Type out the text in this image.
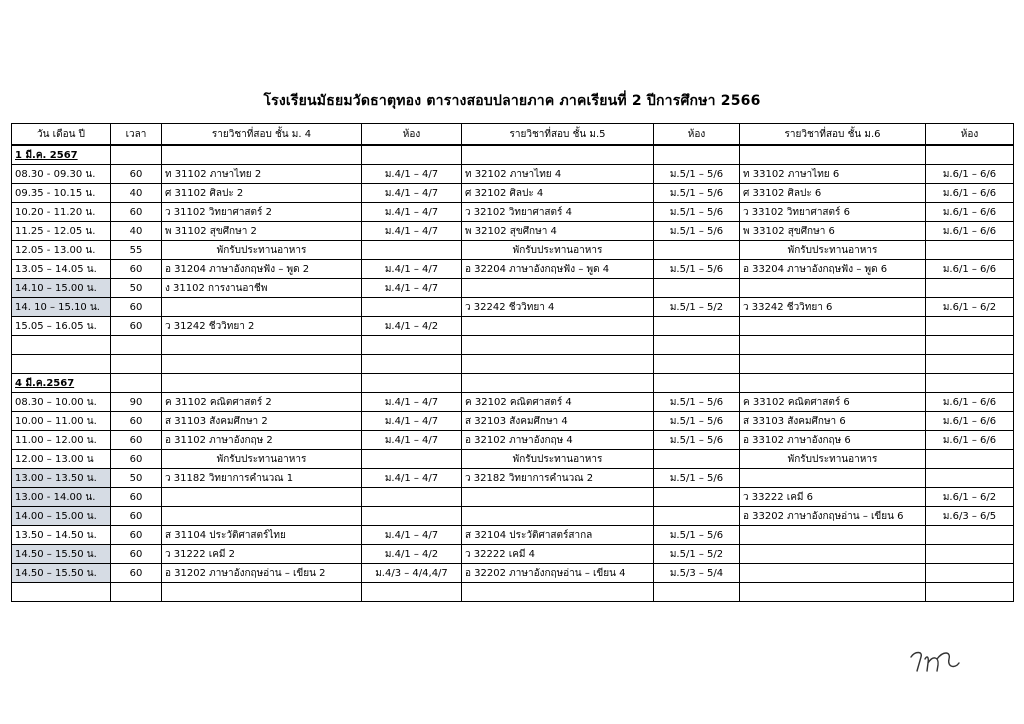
โรงเรียนมัธยมวัดธาตุทอง ตารางสอบปลายภาค ภาคเรียนที่ 2 ปีการศึกษา 2566
วัน เดือน ปี	เวลา	รายวิชาที่สอบ ชั้น ม. 4	ห้อง	รายวิชาที่สอบ ชั้น ม.5	ห้อง	รายวิชาที่สอบ ชั้น ม.6	ห้อง
1 มี.ค. 2567							
08.30 - 09.30 น.	60	ท 31102 ภาษาไทย 2	ม.4/1 – 4/7	ท 32102 ภาษาไทย 4	ม.5/1 – 5/6	ท 33102 ภาษาไทย 6	ม.6/1 – 6/6
09.35 - 10.15 น.	40	ศ 31102 ศิลปะ 2	ม.4/1 – 4/7	ศ 32102 ศิลปะ 4	ม.5/1 – 5/6	ศ 33102 ศิลปะ 6	ม.6/1 – 6/6
10.20 - 11.20 น.	60	ว 31102 วิทยาศาสตร์ 2	ม.4/1 – 4/7	ว 32102 วิทยาศาสตร์ 4	ม.5/1 – 5/6	ว 33102 วิทยาศาสตร์ 6	ม.6/1 – 6/6
11.25 - 12.05 น.	40	พ 31102 สุขศึกษา 2	ม.4/1 – 4/7	พ 32102 สุขศึกษา 4	ม.5/1 – 5/6	พ 33102 สุขศึกษา 6	ม.6/1 – 6/6
12.05 - 13.00 น.	55	พักรับประทานอาหาร		พักรับประทานอาหาร		พักรับประทานอาหาร	
13.05 – 14.05 น.	60	อ 31204 ภาษาอังกฤษฟัง – พูด 2	ม.4/1 – 4/7	อ 32204 ภาษาอังกฤษฟัง – พูด 4	ม.5/1 – 5/6	อ 33204 ภาษาอังกฤษฟัง – พูด 6	ม.6/1 – 6/6
14.10 – 15.00 น.	50	ง 31102 การงานอาชีพ	ม.4/1 – 4/7				
14. 10 – 15.10 น.	60			ว 32242 ชีววิทยา 4	ม.5/1 – 5/2	ว 33242 ชีววิทยา 6	ม.6/1 – 6/2
15.05 – 16.05 น.	60	ว 31242 ชีววิทยา 2	ม.4/1 – 4/2				

4 มี.ค.2567							
08.30 – 10.00 น.	90	ค 31102 คณิตศาสตร์ 2	ม.4/1 – 4/7	ค 32102 คณิตศาสตร์ 4	ม.5/1 – 5/6	ค 33102 คณิตศาสตร์ 6	ม.6/1 – 6/6
10.00 – 11.00 น.	60	ส 31103 สังคมศึกษา 2	ม.4/1 – 4/7	ส 32103 สังคมศึกษา 4	ม.5/1 – 5/6	ส 33103 สังคมศึกษา 6	ม.6/1 – 6/6
11.00 – 12.00 น.	60	อ 31102 ภาษาอังกฤษ 2	ม.4/1 – 4/7	อ 32102 ภาษาอังกฤษ 4	ม.5/1 – 5/6	อ 33102 ภาษาอังกฤษ 6	ม.6/1 – 6/6
12.00 – 13.00 น	60	พักรับประทานอาหาร		พักรับประทานอาหาร		พักรับประทานอาหาร	
13.00 – 13.50 น.	50	ว 31182 วิทยาการคำนวณ 1	ม.4/1 – 4/7	ว 32182 วิทยาการคำนวณ 2	ม.5/1 – 5/6		
13.00 - 14.00 น.	60					ว 33222 เคมี 6	ม.6/1 – 6/2
14.00 – 15.00 น.	60					อ 33202 ภาษาอังกฤษอ่าน – เขียน 6	ม.6/3 – 6/5
13.50 – 14.50 น.	60	ส 31104 ประวัติศาสตร์ไทย	ม.4/1 – 4/7	ส 32104 ประวัติศาสตร์สากล	ม.5/1 – 5/6		
14.50 – 15.50 น.	60	ว 31222 เคมี 2	ม.4/1 – 4/2	ว 32222 เคมี 4	ม.5/1 – 5/2		
14.50 – 15.50 น.	60	อ 31202 ภาษาอังกฤษอ่าน – เขียน 2	ม.4/3 – 4/4,4/7	อ 32202 ภาษาอังกฤษอ่าน – เขียน 4	ม.5/3 – 5/4		
